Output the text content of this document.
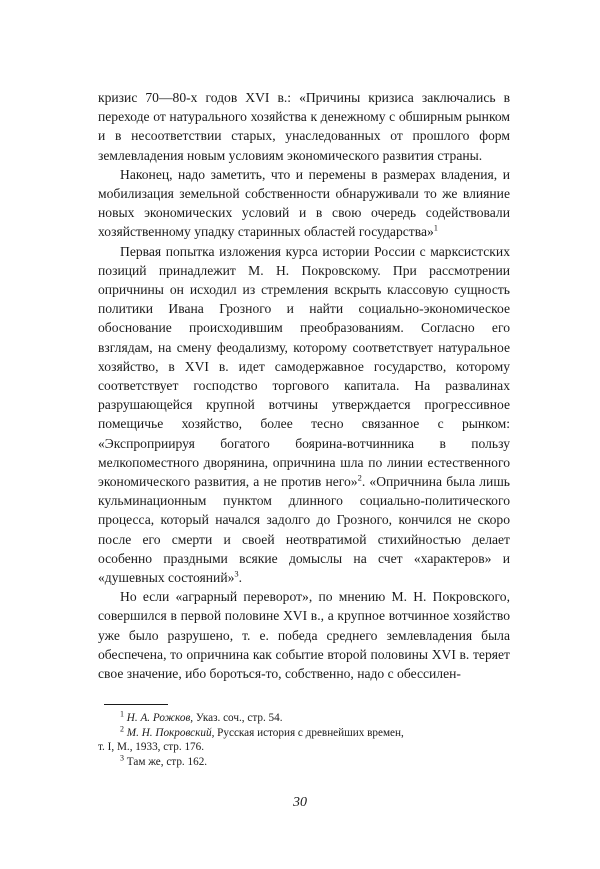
кризис 70—80-х годов XVI в.: «Причины кризиса заключались в переходе от натурального хозяйства к денежному с обширным рынком и в несоответствии старых, унаследованных от прошлого форм землевладения новым условиям экономического развития страны.

Наконец, надо заметить, что и перемены в размерах владения, и мобилизация земельной собственности обнаруживали то же влияние новых экономических условий и в свою очередь содействовали хозяйственному упадку старинных областей государства»$^1$

Первая попытка изложения курса истории России с марксистских позиций принадлежит М. Н. Покровскому. При рассмотрении опричнины он исходил из стремления вскрыть классовую сущность политики Ивана Грозного и найти социально-экономическое обоснование происходившим преобразованиям. Согласно его взглядам, на смену феодализму, которому соответствует натуральное хозяйство, в XVI в. идет самодержавное государство, которому соответствует господство торгового капитала. На развалинах разрушающейся крупной вотчины утверждается прогрессивное помещичье хозяйство, более тесно связанное с рынком: «Экспроприируя богатого боярина-вотчинника в пользу мелкопоместного дворянина, опричнина шла по линии естественного экономического развития, а не против него»$^2$. «Опричнина была лишь кульминационным пунктом длинного социально-политического процесса, который начался задолго до Грозного, кончился не скоро после его смерти и своей неотвратимой стихийностью делает особенно праздными всякие домыслы на счет «характеров» и «душевных состояний»$^3$.

Но если «аграрный переворот», по мнению М. Н. Покровского, совершился в первой половине XVI в., а крупное вотчинное хозяйство уже было разрушено, т. е. победа среднего землевладения была обеспечена, то опричнина как событие второй половины XVI в. теряет свое значение, ибо бороться-то, собственно, надо с обессилен-

$^1$ Н. А. Рожков, Указ. соч., стр. 54.

$^2$ М. Н. Покровский, Русская история с древнейших времен,

т. I, М., 1933, стр. 176.

$^3$ Там же, стр. 162.

30
